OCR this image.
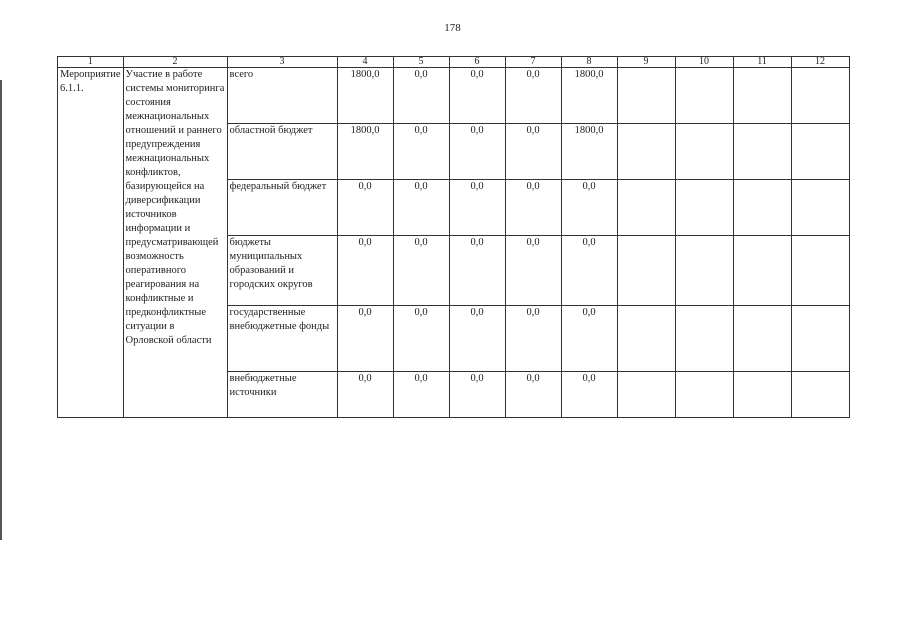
178
1	2	3	4	5	6	7	8	9	10	11	12
Мероприятие 6.1.1.	Участие в работе системы мониторинга состояния межнациональных отношений и раннего предупреждения межнациональных конфликтов, базирующейся на диверсификации источников информации и предусматривающей возможность оперативного реагирования на конфликтные и предконфликтные ситуации в Орловской области	всего	1800,0	0,0	0,0	0,0	1800,0				
		областной бюджет	1800,0	0,0	0,0	0,0	1800,0				
		федеральный бюджет	0,0	0,0	0,0	0,0	0,0				
		бюджеты муниципальных образований и городских округов	0,0	0,0	0,0	0,0	0,0				
		государственные внебюджетные фонды	0,0	0,0	0,0	0,0	0,0				
		внебюджетные источники	0,0	0,0	0,0	0,0	0,0				
